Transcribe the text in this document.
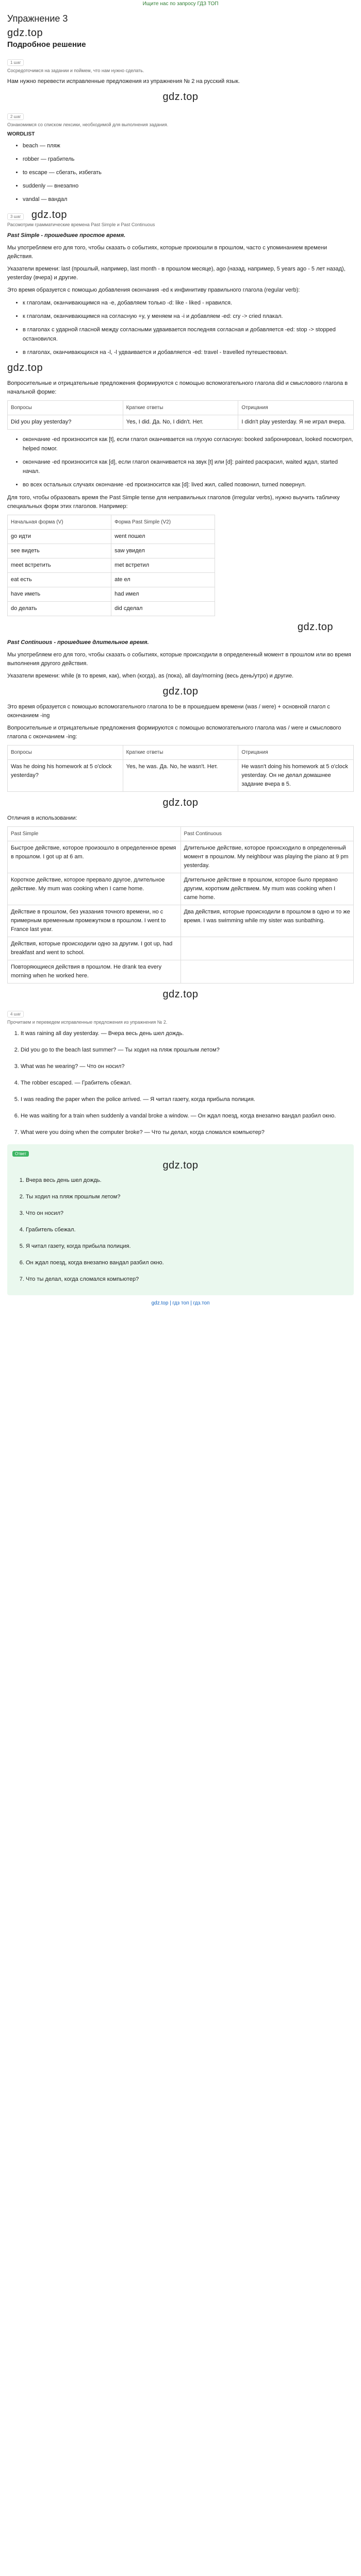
Ищите нас по запросу ГДЗ ТОП
Упражнение 3
gdz.top
Подробное решение
1 шаг
Сосредоточимся на задании и поймем, что нам нужно сделать.

Нам нужно перевести исправленные предложения из упражнения № 2 на русский язык.

gdz.top
2 шаг
Ознакомимся со списком лексики, необходимой для выполнения задания.
WORDLIST
• beach — пляж
• robber — грабитель
• to escape — сбегать, избегать
• suddenly — внезапно
• vandal — вандал
3 шаг gdz.top
Рассмотрим грамматические времена Past Simple и Past Continuous

Past Simple - прошедшее простое время.

Мы употребляем его для того, чтобы сказать о событиях, которые произошли в прошлом, часто с упоминанием времени действия.

Указатели времени: last (прошлый, например, last month - в прошлом месяце), ago (назад, например, 5 years ago - 5 лет назад), yesterday (вчера) и другие.

Это время образуется с помощью добавления окончания -ed к инфинитиву правильного глагола (regular verb):

• к глаголам, оканчивающимся на -e, добавляем только -d: like - liked - нравился.
• к глаголам, оканчивающимся на согласную +y, у меняем на -i и добавляем -ed: cry -> cried плакал.
• в глаголах с ударной гласной между согласными удваивается последняя согласная и добавляется -ed: stop -> stopped остановился.
• в глаголах, оканчивающихся на -l, -l удваивается и добавляется -ed: travel - travelled путешествовал.
gdz.top

Вопросительные и отрицательные предложения формируются с помощью вспомогательного глагола did и смыслового глагола в начальной форме:

Вопросы	Краткие ответы	Отрицания
Did you play yesterday?	Yes, I did. Да. No, I didn't. Нет.	I didn't play yesterday. Я не играл вчера.
• окончание -ed произносится как [t], если глагол оканчивается на глухую согласную: booked забронировал, looked посмотрел, helped помог.
• окончание -ed произносится как [d], если глагол оканчивается на звук [t] или [d]: painted раскрасил, waited ждал, started начал.
• во всех остальных случаях окончание -ed произносится как [d]: lived жил, called позвонил, turned повернул.

Для того, чтобы образовать время the Past Simple tense для неправильных глаголов (irregular verbs), нужно выучить табличку специальных форм этих глаголов. Например:

Начальная форма (V)	Форма Past Simple (V2)
go идти	went пошел
see видеть	saw увидел
meet встретить	met встретил
eat есть	ate ел
have иметь	had имел
do делать	did сделал
gdz.top

Past Continuous - прошедшее длительное время.

Мы употребляем его для того, чтобы сказать о событиях, которые происходили в определенный момент в прошлом или во время выполнения другого действия.

Указатели времени: while (в то время, как), when (когда), as (пока), all day/morning (весь день/утро) и другие.

gdz.top

Это время образуется с помощью вспомогательного глагола to be в прошедшем времени (was / were) + основной глагол с окончанием -ing

Вопросительные и отрицательные предложения формируются с помощью вспомогательного глагола was / were и смыслового глагола с окончанием -ing:

Вопросы	Краткие ответы	Отрицания
Was he doing his homework at 5 o'clock yesterday?	Yes, he was. Да. No, he wasn't. Нет.	He wasn't doing his homework at 5 o'clock yesterday. Он не делал домашнее задание вчера в 5.
gdz.top

Отличия в использовании:

Past Simple	Past Continuous
Быстрое действие, которое произошло в определенное время в прошлом. I got up at 6 am.	Длительное действие, которое происходило в определенный момент в прошлом. My neighbour was playing the piano at 9 pm yesterday.
Короткое действие, которое прервало другое, длительное действие. My mum was cooking when I came home.	Длительное действие в прошлом, которое было прервано другим, коротким действием. My mum was cooking when I came home.
Действие в прошлом, без указания точного времени, но с примерным временным промежутком в прошлом. I went to France last year.	Два действия, которые происходили в прошлом в одно и то же время. I was swimming while my sister was sunbathing.
Действия, которые происходили одно за другим. I got up, had breakfast and went to school.	
Повторяющиеся действия в прошлом. He drank tea every morning when he worked here.	
gdz.top
4 шаг
Прочитаем и переведем исправленные предложения из упражнения № 2.
1. It was raining all day yesterday. — Вчера весь день шел дождь.
2. Did you go to the beach last summer? — Ты ходил на пляж прошлым летом?
3. What was he wearing? — Что он носил?
4. The robber escaped. — Грабитель сбежал.
5. I was reading the paper when the police arrived. — Я читал газету, когда прибыла полиция.
6. He was waiting for a train when suddenly a vandal broke a window. — Он ждал поезд, когда внезапно вандал разбил окно.
7. What were you doing when the computer broke? — Что ты делал, когда сломался компьютер?
Ответ
gdz.top
1. Вчера весь день шел дождь.
2. Ты ходил на пляж прошлым летом?
3. Что он носил?
4. Грабитель сбежал.
5. Я читал газету, когда прибыла полиция.
6. Он ждал поезд, когда внезапно вандал разбил окно.
7. Что ты делал, когда сломался компьютер?
gdz.top | гдз топ | гдз.топ
